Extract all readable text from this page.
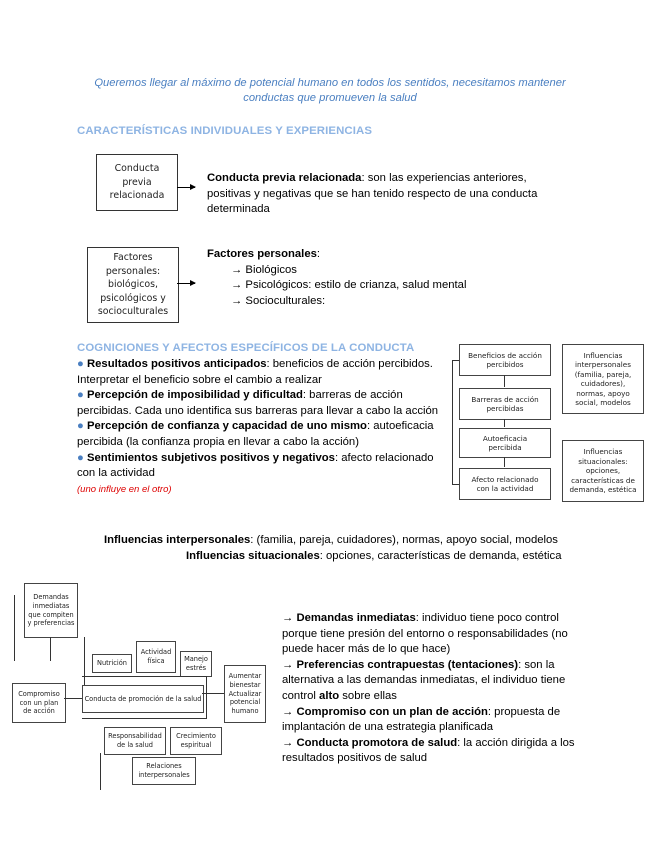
Queremos llegar al máximo de potencial humano en todos los sentidos, necesitamos mantener conductas que promueven la salud
CARACTERÍSTICAS INDIVIDUALES Y EXPERIENCIAS
Conducta previa relacionada
Conducta previa relacionada: son las experiencias anteriores, positivas y negativas que se han tenido respecto de una conducta determinada
Factores personales: biológicos, psicológicos y socioculturales
Factores personales:
→ Biológicos
→ Psicológicos: estilo de crianza, salud mental
→ Socioculturales:
COGNICIONES Y AFECTOS ESPECÍFICOS DE LA CONDUCTA
● Resultados positivos anticipados: beneficios de acción percibidos. Interpretar el beneficio sobre el cambio a realizar
● Percepción de imposibilidad y dificultad: barreras de acción percibidas. Cada uno identifica sus barreras para llevar a cabo la acción
● Percepción de confianza y capacidad de uno mismo: autoeficacia percibida (la confianza propia en llevar a cabo la acción)
● Sentimientos subjetivos positivos y negativos: afecto relacionado con la actividad
(uno influye en el otro)
Beneficios de acción percibidos
Barreras de acción percibidas
Autoeficacia percibida
Afecto relacionado con la actividad
Influencias interpersonales (familia, pareja, cuidadores), normas, apoyo social, modelos
Influencias situacionales: opciones, características de demanda, estética
Influencias interpersonales: (familia, pareja, cuidadores), normas, apoyo social, modelos
Influencias situacionales: opciones, características de demanda, estética
Demandas inmediatas que compiten y preferencias
Nutrición
Actividad física	Manejo estrés
Compromiso con un plan de acción
Conducta de promoción de la salud
Aumentar bienestar Actualizar potencial humano
Responsabilidad de la salud
Crecimiento espiritual
Relaciones interpersonales
→ Demandas inmediatas: individuo tiene poco control porque tiene presión del entorno o responsabilidades (no puede hacer más de lo que hace)
→ Preferencias contrapuestas (tentaciones): son la alternativa a las demandas inmediatas, el individuo tiene control alto sobre ellas
→ Compromiso con un plan de acción: propuesta de implantación de una estrategia planificada
→ Conducta promotora de salud: la acción dirigida a los resultados positivos de salud
